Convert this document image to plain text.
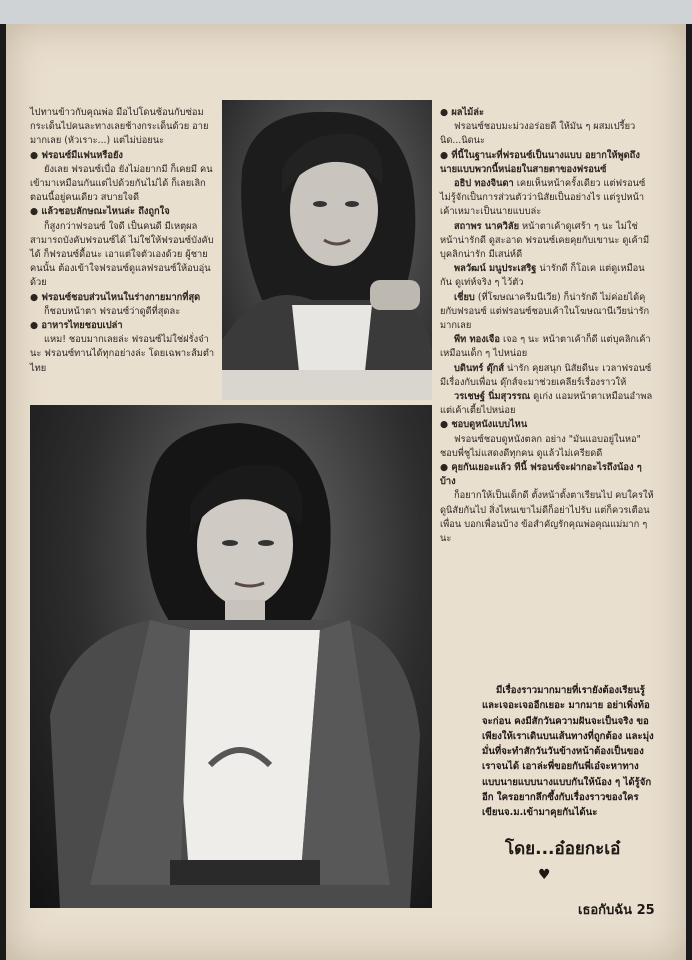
ไปทานข้าวกับคุณพ่อ มือไปโดนช้อนกับซ่อม กระเด็นไปคนละทางเลยช้างกระเด็นด้วย อาย มากเลย (หัวเราะ...) แต่ไม่บ่อยนะ

● ฟรอนซ์มีแฟนหรือยัง

ยังเลย ฟรอนซ์เบื่อ ยังไม่อยากมี ก็เคยมี คนเข้ามาเหมือนกันแต่ไปด้วยกันไม่ได้ ก็เลยเลิก ตอนนี้อยู่คนเดียว สบายใจดี

● แล้วชอบลักษณะไหนล่ะ ถึงถูกใจ

ก็สูงกว่าฟรอนซ์ ใจดี เป็นคนดี มีเหตุผล สามารถบังคับฟรอนซ์ได้ ไม่ใช่ให้ฟรอนซ์บังคับได้ ก็ฟรอนซ์ดื้อนะ เอาแต่ใจตัวเองด้วย ผู้ชายคนนั้น ต้องเข้าใจฟรอนซ์ดูแลฟรอนซ์ให้อบอุ่นด้วย

● ฟรอนซ์ชอบส่วนไหนในร่างกายมากที่สุด

ก็ชอบหน้าตา ฟรอนซ์ว่าดูดีที่สุดละ

● อาหารไทยชอบเปล่า

แหม! ชอบมากเลยล่ะ ฟรอนซ์ไม่ใช่ฝรั่งจ๋า นะ ฟรอนซ์ทานได้ทุกอย่างล่ะ โดยเฉพาะส้มตำไทย

● ผลไม้ล่ะ

ฟรอนซ์ชอบมะม่วงอร่อยดี ให้มัน ๆ ผสมเปรี้ยวนิด...นิดนะ

● ที่นี้ในฐานะที่ฟรอนซ์เป็นนางแบบ อยากให้พูดถึงนายแบบพวกนี้หน่อยในสายตาของฟรอนซ์

อธิป ทองจินดา เคยเห็นหน้าครั้งเดียว แต่ฟรอนซ์ไม่รู้จักเป็นการส่วนตัวว่านิสัยเป็นอย่างไร แต่รูปหน้าเค้าเหมาะเป็นนายแบบล่ะ

สถาพร นาควิลัย หน้าตาเค้าดูเศร้า ๆ นะ ไม่ใช่หน้าน่ารักดี ดูสะอาด ฟรอนซ์เคยคุยกับเขานะ ดูเค้ามีบุคลิกน่ารัก มีเสน่ห์ดี

พลวัฒน์ มนูประเสริฐ น่ารักดี ก็โอเค แต่ดูเหมือนกัน ดูเท่ห์จริง ๆ ไว้ตัว

เชี่ยบ (ที่โฆษณาครีมนีเวีย) ก็น่ารักดี ไม่ค่อยได้คุยกับฟรอนซ์ แต่ฟรอนซ์ชอบเค้าในโฆษณานีเวียน่ารักมากเลย

พีท ทองเจือ เจอ ๆ นะ หน้าตาเค้าก็ดี แต่บุคลิกเค้าเหมือนเด็ก ๆ ไปหน่อย

บดินทร์ ดุ๊กส์ น่ารัก คุยสนุก นิสัยดีนะ เวลาฟรอนซ์มีเรื่องกับเพื่อน ดุ๊กส์จะมาช่วยเคลียร์เรื่องราวให้

วรเชษฐ์ นิ่มสุวรรณ ดูเก่ง แอมหน้าตาเหมือนอำพล แต่เค้าเตี้ยไปหน่อย

● ชอบดูหนังแบบไหน

ฟรอนซ์ชอบดูหนังตลก อย่าง "มันแอบอยู่ในหอ" ชอบพี่ชูไม่แสดงดีทุกคน ดูแล้วไม่เครียดดี

● คุยกันเยอะแล้ว ทีนี้ ฟรอนซ์จะฝากอะไรถึงน้อง ๆ บ้าง

ก็อยากให้เป็นเด็กดี ตั้งหน้าตั้งตาเรียนไป คบใครให้ดูนิสัยกันไป สิ่งไหนเขาไม่ดีก็อย่าไปรับ แต่ก็ควรเตือนเพื่อน บอกเพื่อนบ้าง ข้อสำคัญรักคุณพ่อคุณแม่มาก ๆ นะ

มีเรื่องราวมากมายที่เรายังต้องเรียนรู้และเจอะเจออีกเยอะ มากมาย อย่าเพิ่งท้อจะก่อน คงมีสักวันความฝันจะเป็นจริง ขอเพียงให้เราเดินบนเส้นทางที่ถูกต้อง และมุ่งมั่นที่จะทำสักวันวันข้างหน้าต้องเป็นของเราจนได้ เอาล่ะพี่ขอยกันพี่เอ๋จะหาทางแบบนายแบบนางแบบกันให้น้อง ๆ ได้รู้จักอีก ใครอยากลึกซึ้งกับเรื่องราวของใคร เขียนจ.ม.เข้ามาคุยกันได้นะ

โดย...อ๋อยกะเอ๋
♥
เธอกับฉัน 25
